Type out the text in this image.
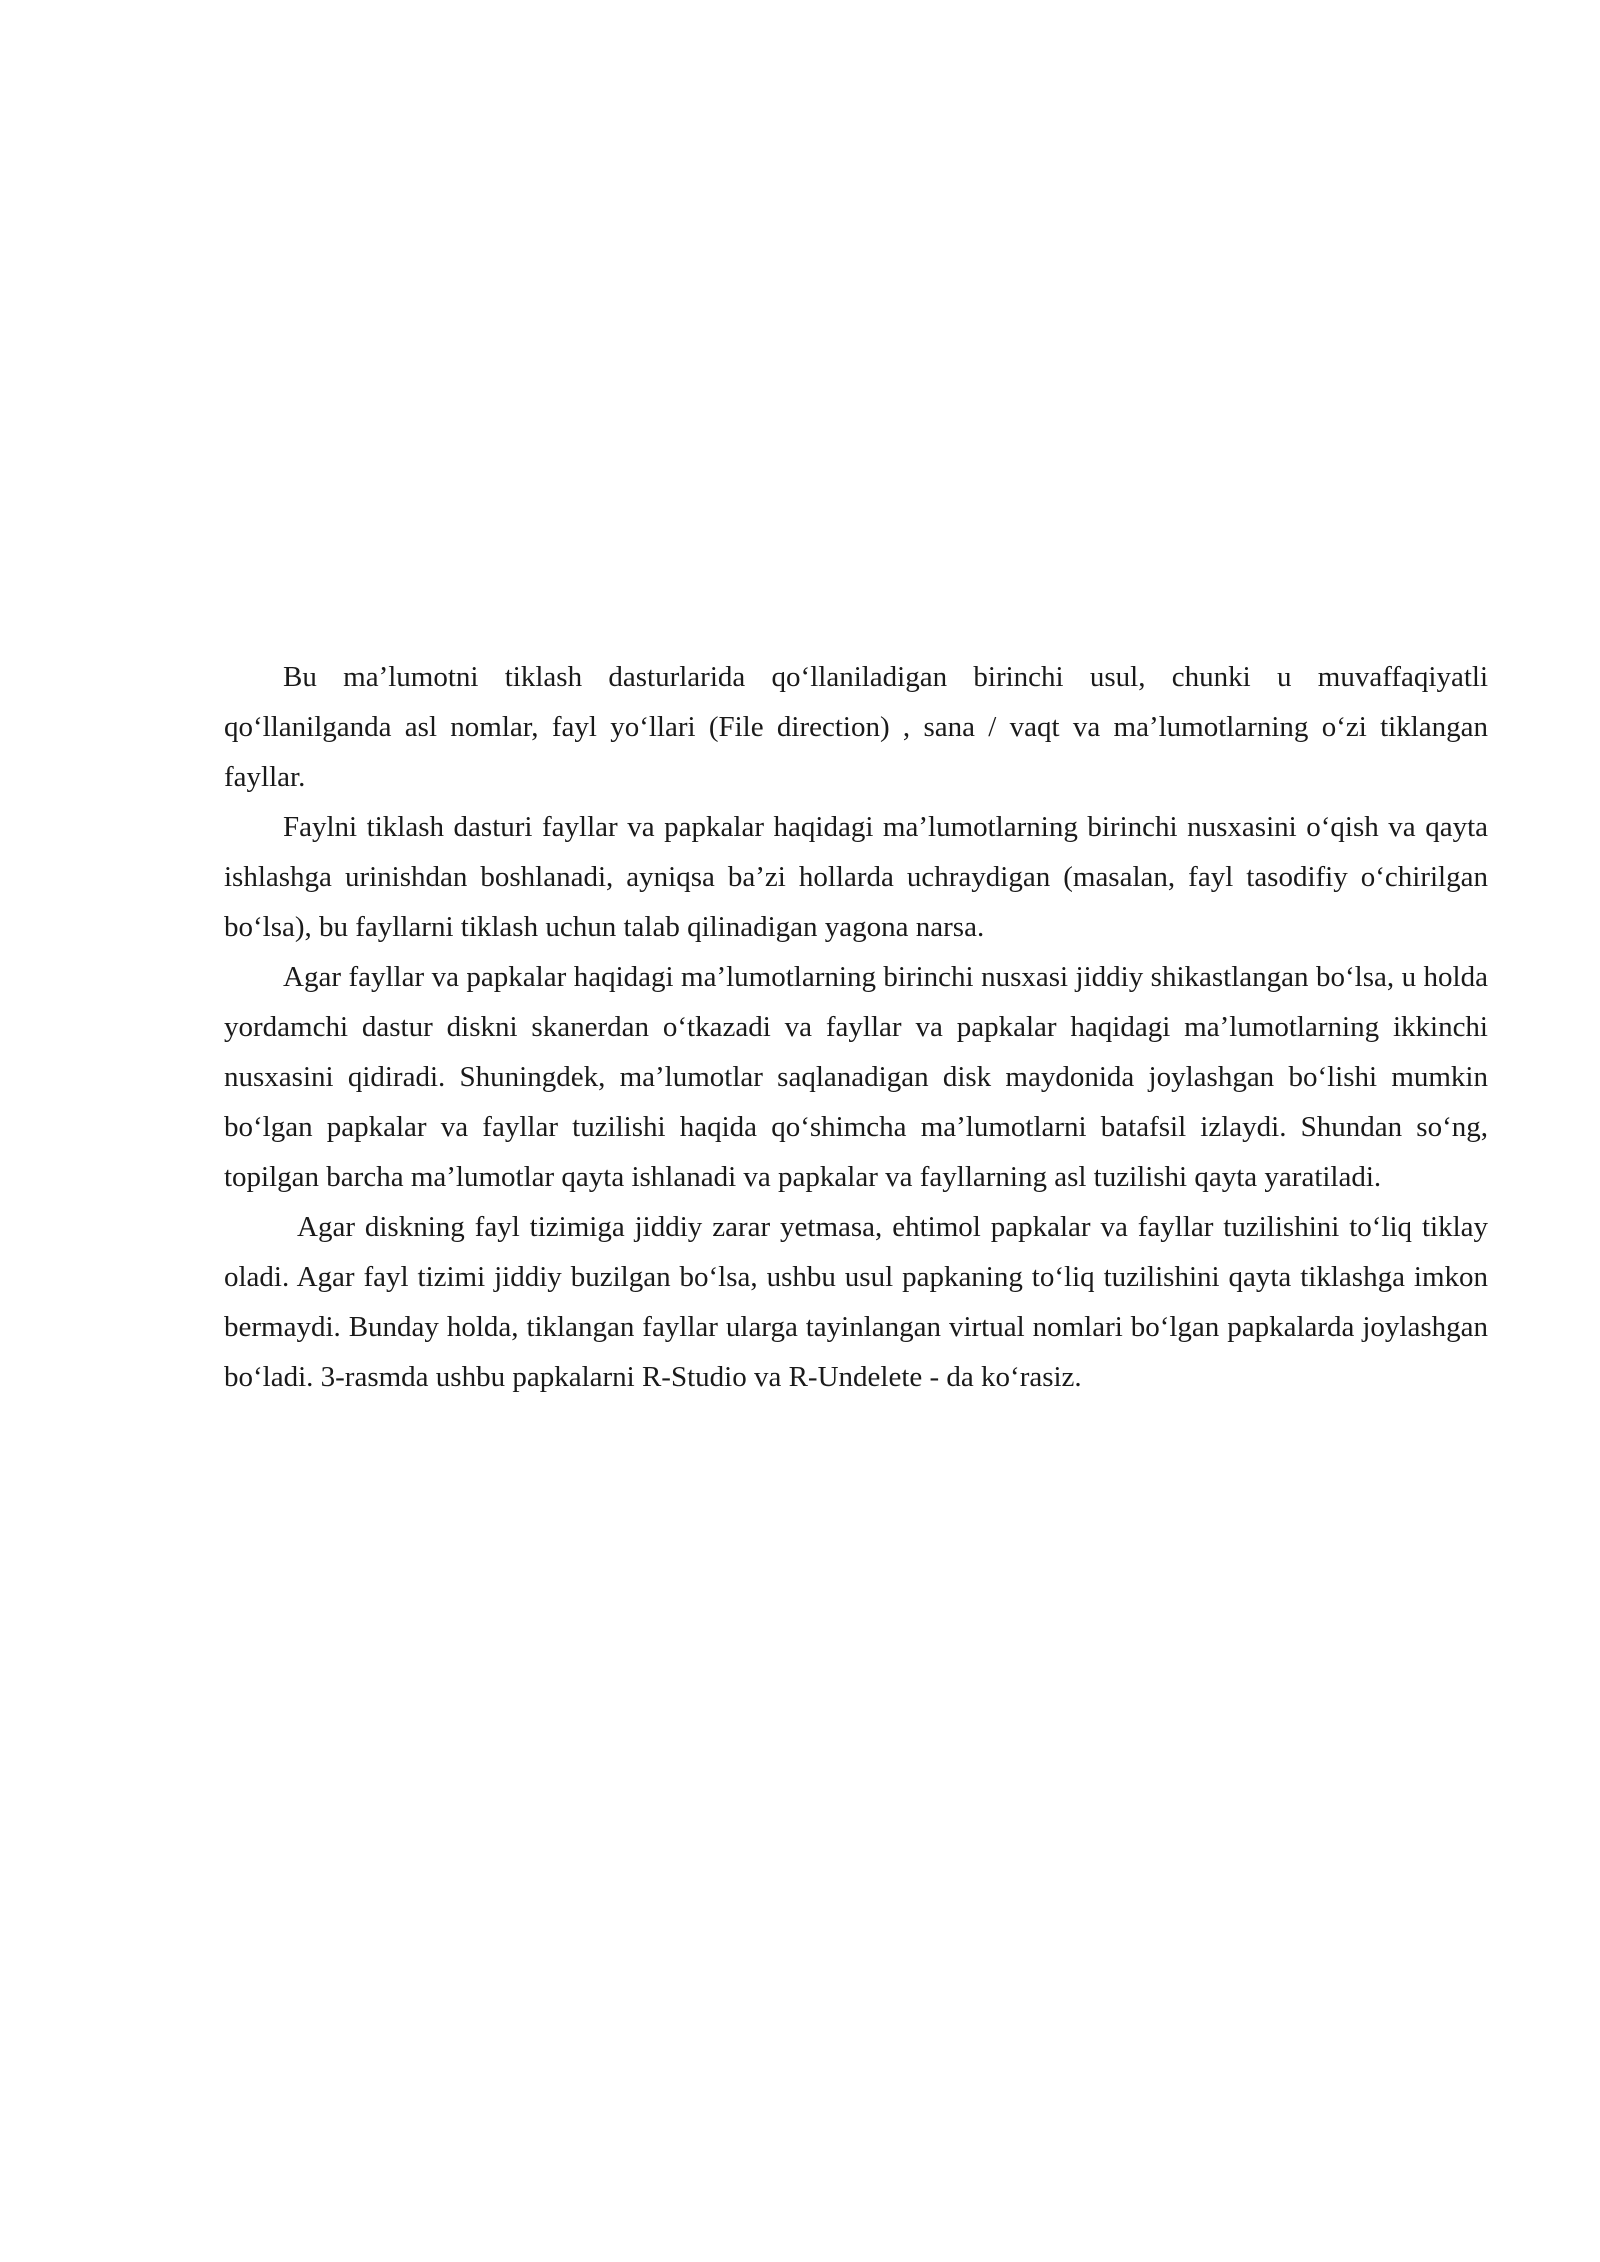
Bu ma’lumotni tiklash dasturlarida qo‘llaniladigan birinchi usul, chunki u muvaffaqiyatli qo‘llanilganda asl nomlar, fayl yo‘llari (File direction) , sana / vaqt va ma’lumotlarning o‘zi tiklangan fayllar.

Faylni tiklash dasturi fayllar va papkalar haqidagi ma’lumotlarning birinchi nusxasini o‘qish va qayta ishlashga urinishdan boshlanadi, ayniqsa ba’zi hollarda uchraydigan (masalan, fayl tasodifiy o‘chirilgan bo‘lsa), bu fayllarni tiklash uchun talab qilinadigan yagona narsa.

Agar fayllar va papkalar haqidagi ma’lumotlarning birinchi nusxasi jiddiy shikastlangan bo‘lsa, u holda yordamchi dastur diskni skanerdan o‘tkazadi va fayllar va papkalar haqidagi ma’lumotlarning ikkinchi nusxasini qidiradi. Shuningdek, ma’lumotlar saqlanadigan disk maydonida joylashgan bo‘lishi mumkin bo‘lgan papkalar va fayllar tuzilishi haqida qo‘shimcha ma’lumotlarni batafsil izlaydi. Shundan so‘ng, topilgan barcha ma’lumotlar qayta ishlanadi va papkalar va fayllarning asl tuzilishi qayta yaratiladi.

Agar diskning fayl tizimiga jiddiy zarar yetmasa, ehtimol papkalar va fayllar tuzilishini to‘liq tiklay oladi. Agar fayl tizimi jiddiy buzilgan bo‘lsa, ushbu usul papkaning to‘liq tuzilishini qayta tiklashga imkon bermaydi. Bunday holda, tiklangan fayllar ularga tayinlangan virtual nomlari bo‘lgan papkalarda joylashgan bo‘ladi. 3-rasmda ushbu papkalarni R-Studio va R-Undelete - da ko‘rasiz.
